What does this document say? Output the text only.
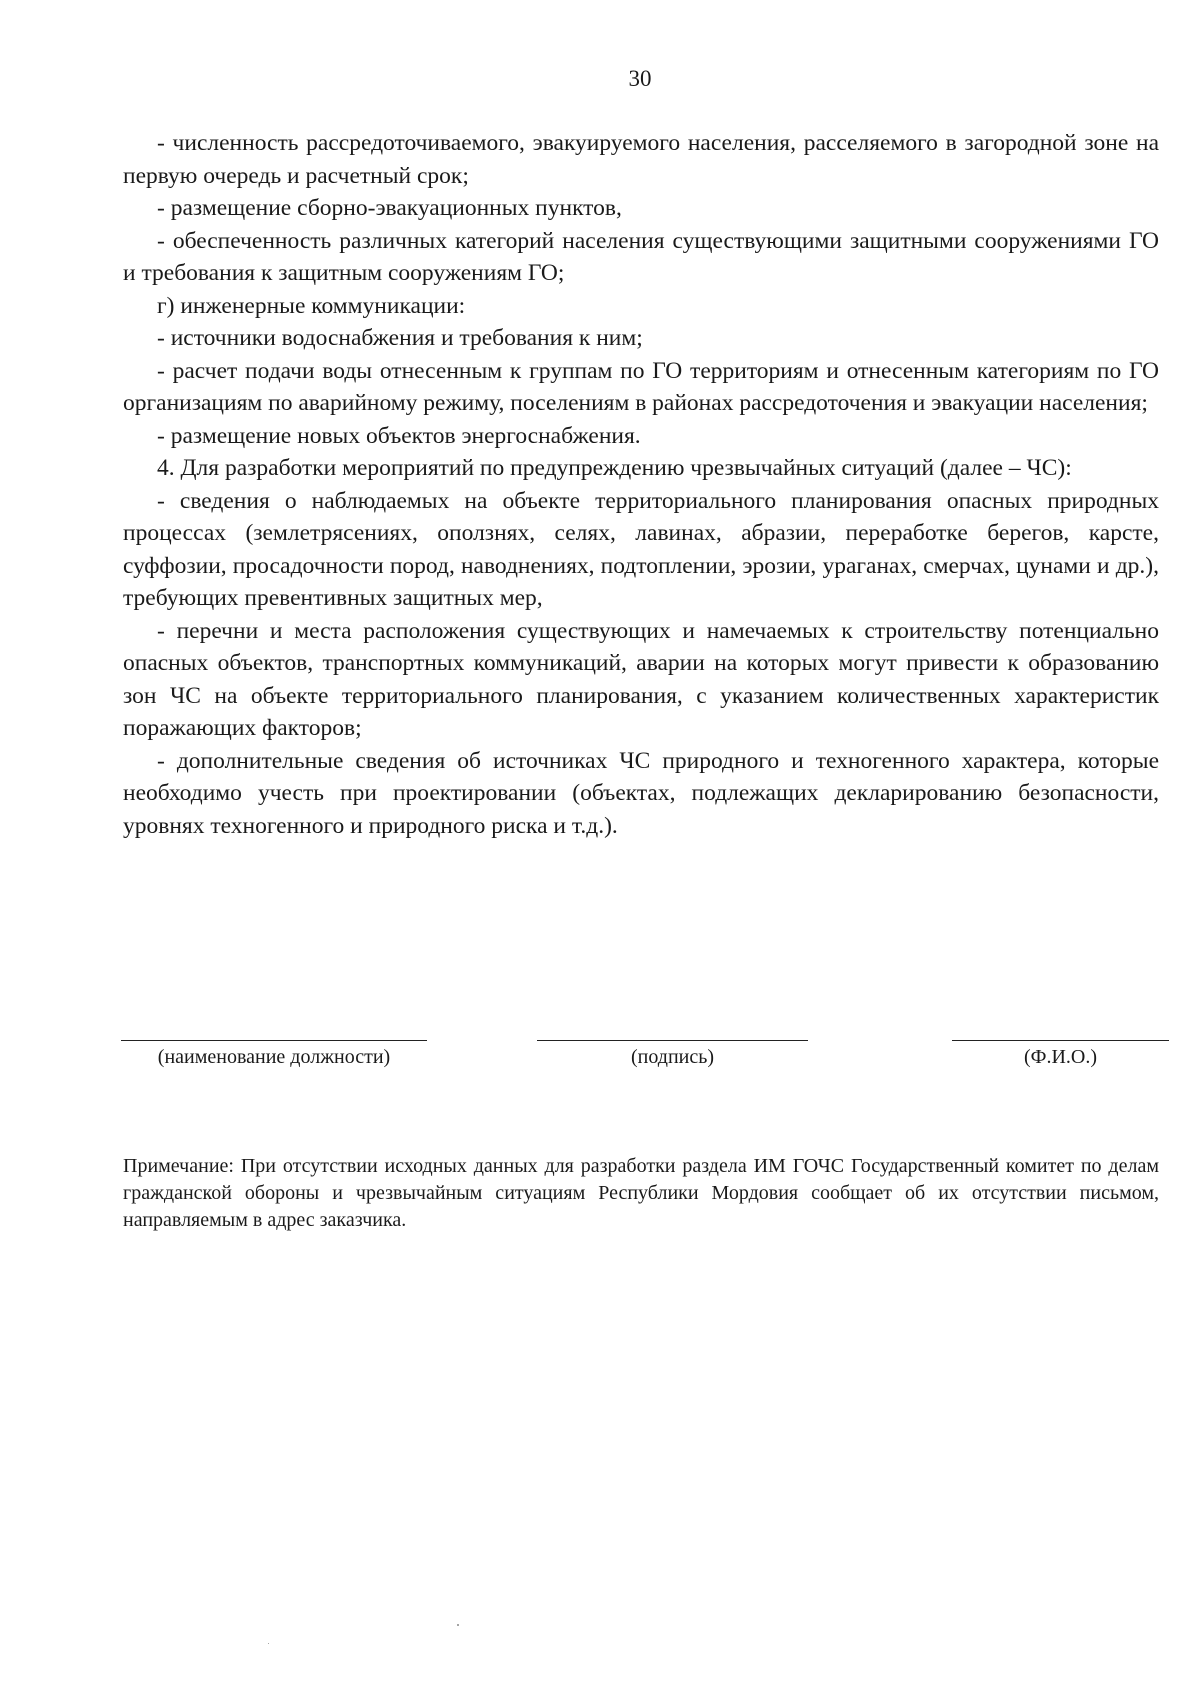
30

- численность рассредоточиваемого, эвакуируемого населения, расселяемого в загородной зоне на первую очередь и расчетный срок;

- размещение сборно-эвакуационных пунктов,

- обеспеченность различных категорий населения существующими защитными сооружениями ГО и требования к защитным сооружениям ГО;

г) инженерные коммуникации:

- источники водоснабжения и требования к ним;

- расчет подачи воды отнесенным к группам по ГО территориям и отнесенным категориям по ГО организациям по аварийному режиму, поселениям в районах рассредоточения и эвакуации населения;

- размещение новых объектов энергоснабжения.

4. Для разработки мероприятий по предупреждению чрезвычайных ситуаций (далее – ЧС):

- сведения о наблюдаемых на объекте территориального планирования опасных природных процессах (землетрясениях, оползнях, селях, лавинах, абразии, переработке берегов, карсте, суффозии, просадочности пород, наводнениях, подтоплении, эрозии, ураганах, смерчах, цунами и др.), требующих превентивных защитных мер,

- перечни и места расположения существующих и намечаемых к строительству потенциально опасных объектов, транспортных коммуникаций, аварии на которых могут привести к образованию зон ЧС на объекте территориального планирования, с указанием количественных характеристик поражающих факторов;

- дополнительные сведения об источниках ЧС природного и техногенного характера, которые необходимо учесть при проектировании (объектах, подлежащих декларированию безопасности, уровнях техногенного и природного риска и т.д.).

(наименование должности)	(подпись)	(Ф.И.О.)

Примечание: При отсутствии исходных данных для разработки раздела ИМ ГОЧС Государственный комитет по делам гражданской обороны и чрезвычайным ситуациям Республики Мордовия сообщает об их отсутствии письмом, направляемым в адрес заказчика.
